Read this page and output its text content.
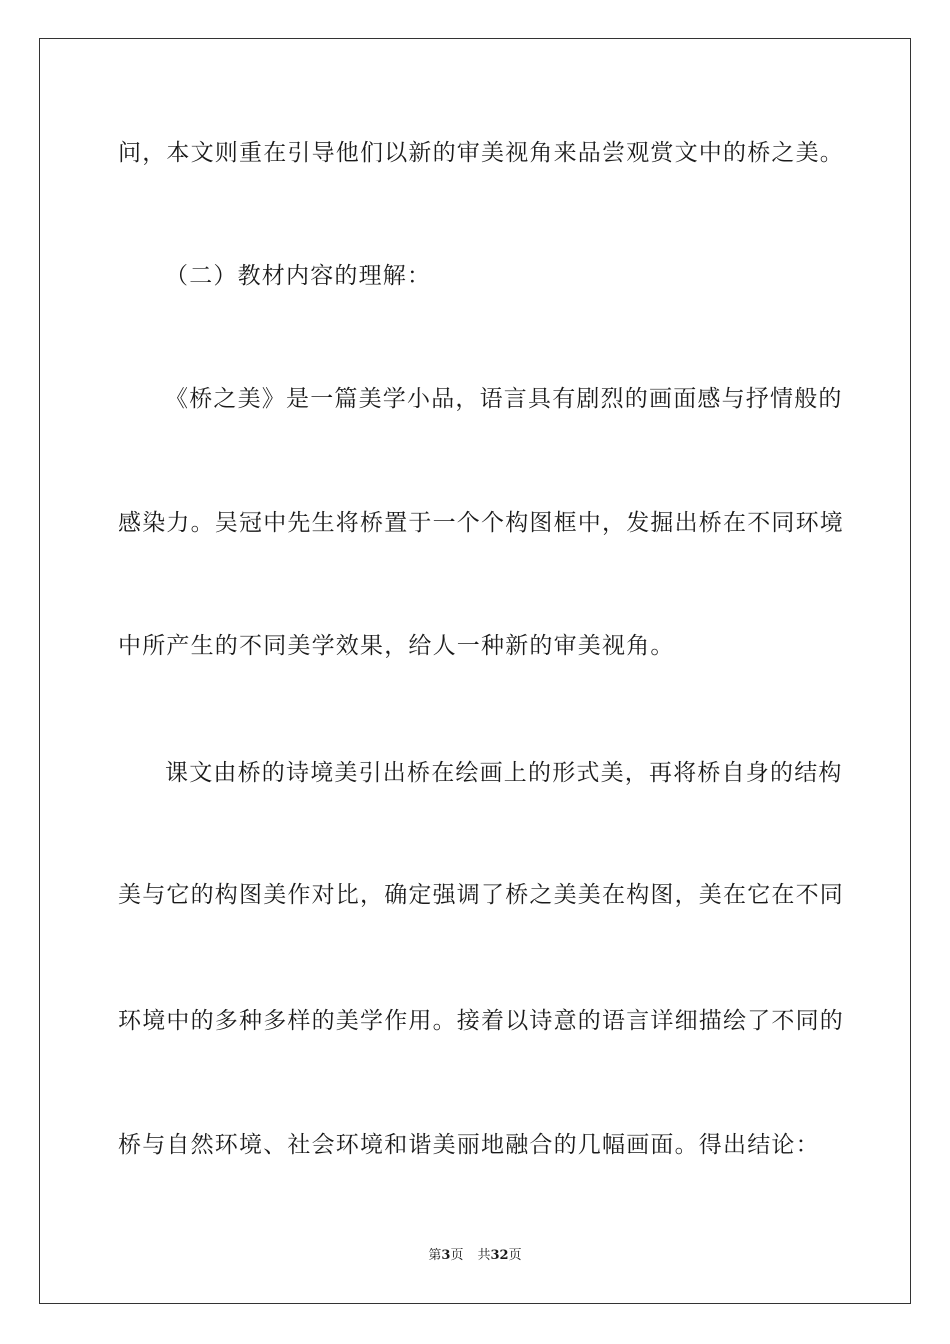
问，本文则重在引导他们以新的审美视角来品尝观赏文中的桥之美。
（二）教材内容的理解：
《桥之美》是一篇美学小品，语言具有剧烈的画面感与抒情般的
感染力。吴冠中先生将桥置于一个个构图框中，发掘出桥在不同环境
中所产生的不同美学效果，给人一种新的审美视角。
课文由桥的诗境美引出桥在绘画上的形式美，再将桥自身的结构
美与它的构图美作对比，确定强调了桥之美美在构图，美在它在不同
环境中的多种多样的美学作用。接着以诗意的语言详细描绘了不同的
桥与自然环境、社会环境和谐美丽地融合的几幅画面。得出结论：
第3页 共32页
